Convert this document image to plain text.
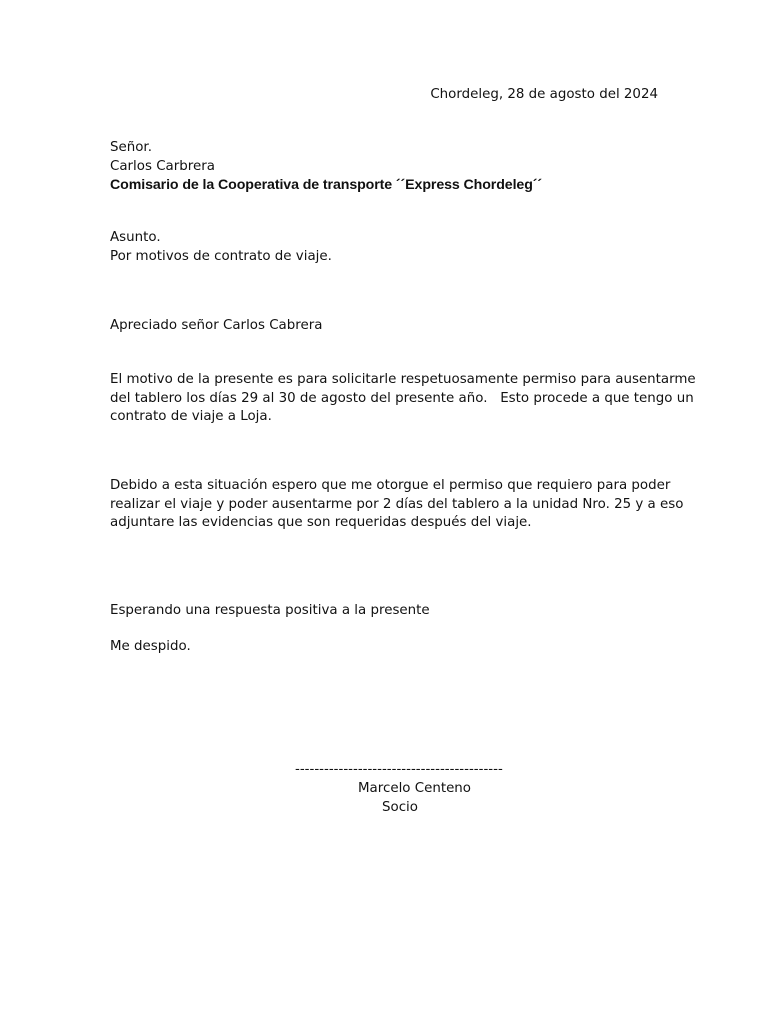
Chordeleg, 28 de agosto del 2024
Señor.
Carlos Carbrera
Comisario de la Cooperativa de transporte ´´Express Chordeleg´´
Asunto.
Por motivos de contrato de viaje.
Apreciado señor Carlos Cabrera
El motivo de la presente es para solicitarle respetuosamente permiso para ausentarme
del tablero los días 29 al 30 de agosto del presente año.   Esto procede a que tengo un
contrato de viaje a Loja.
Debido a esta situación espero que me otorgue el permiso que requiero para poder
realizar el viaje y poder ausentarme por 2 días del tablero a la unidad Nro. 25 y a eso
adjuntare las evidencias que son requeridas después del viaje.
Esperando una respuesta positiva a la presente
Me despido.
-------------------------------------------
Marcelo Centeno
Socio
